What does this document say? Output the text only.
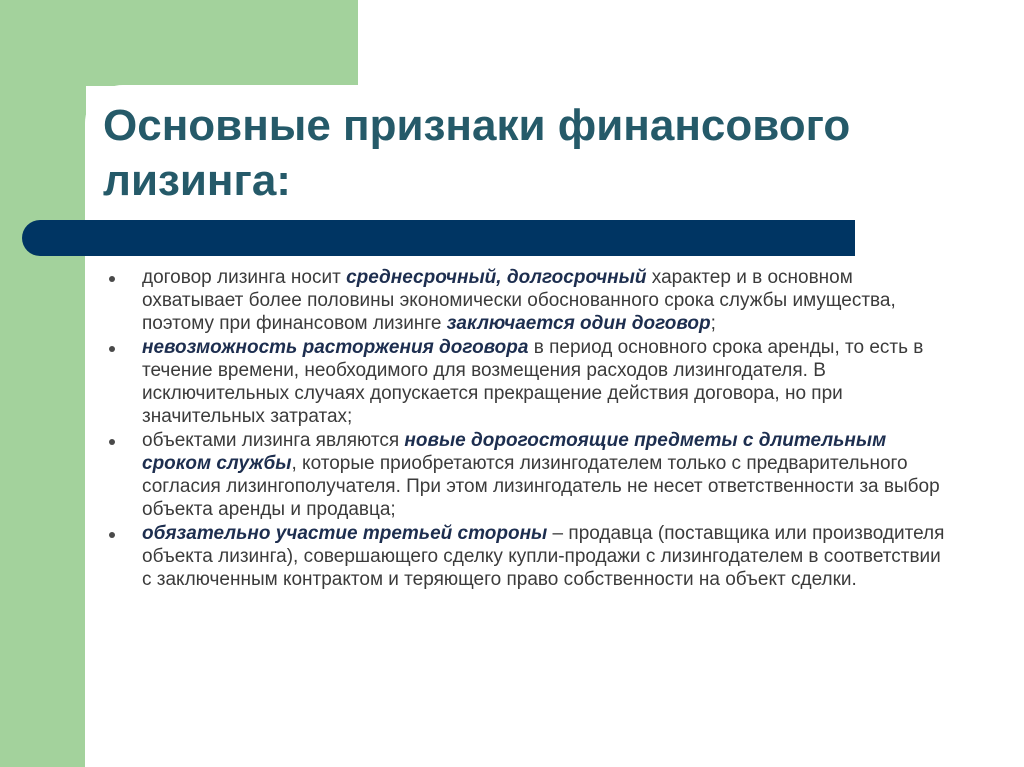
Основные признаки финансового
лизинга:
договор лизинга носит среднесрочный, долгосрочный характер и в основном охватывает более половины экономически обоснованного срока службы имущества, поэтому при финансовом лизинге заключается один договор;
невозможность расторжения договора в период основного срока аренды, то есть в течение времени, необходимого для возмещения расходов лизингодателя. В исключительных случаях допускается прекращение действия договора, но при значительных затратах;
объектами лизинга являются новые дорогостоящие предметы с длительным сроком службы, которые приобретаются лизингодателем только с предварительного согласия лизингополучателя. При этом лизингодатель не несет ответственности за выбор объекта аренды и продавца;
обязательно участие третьей стороны – продавца (поставщика или производителя объекта лизинга), совершающего сделку купли-продажи с лизингодателем в соответствии с заключенным контрактом и теряющего право собственности на объект сделки.
